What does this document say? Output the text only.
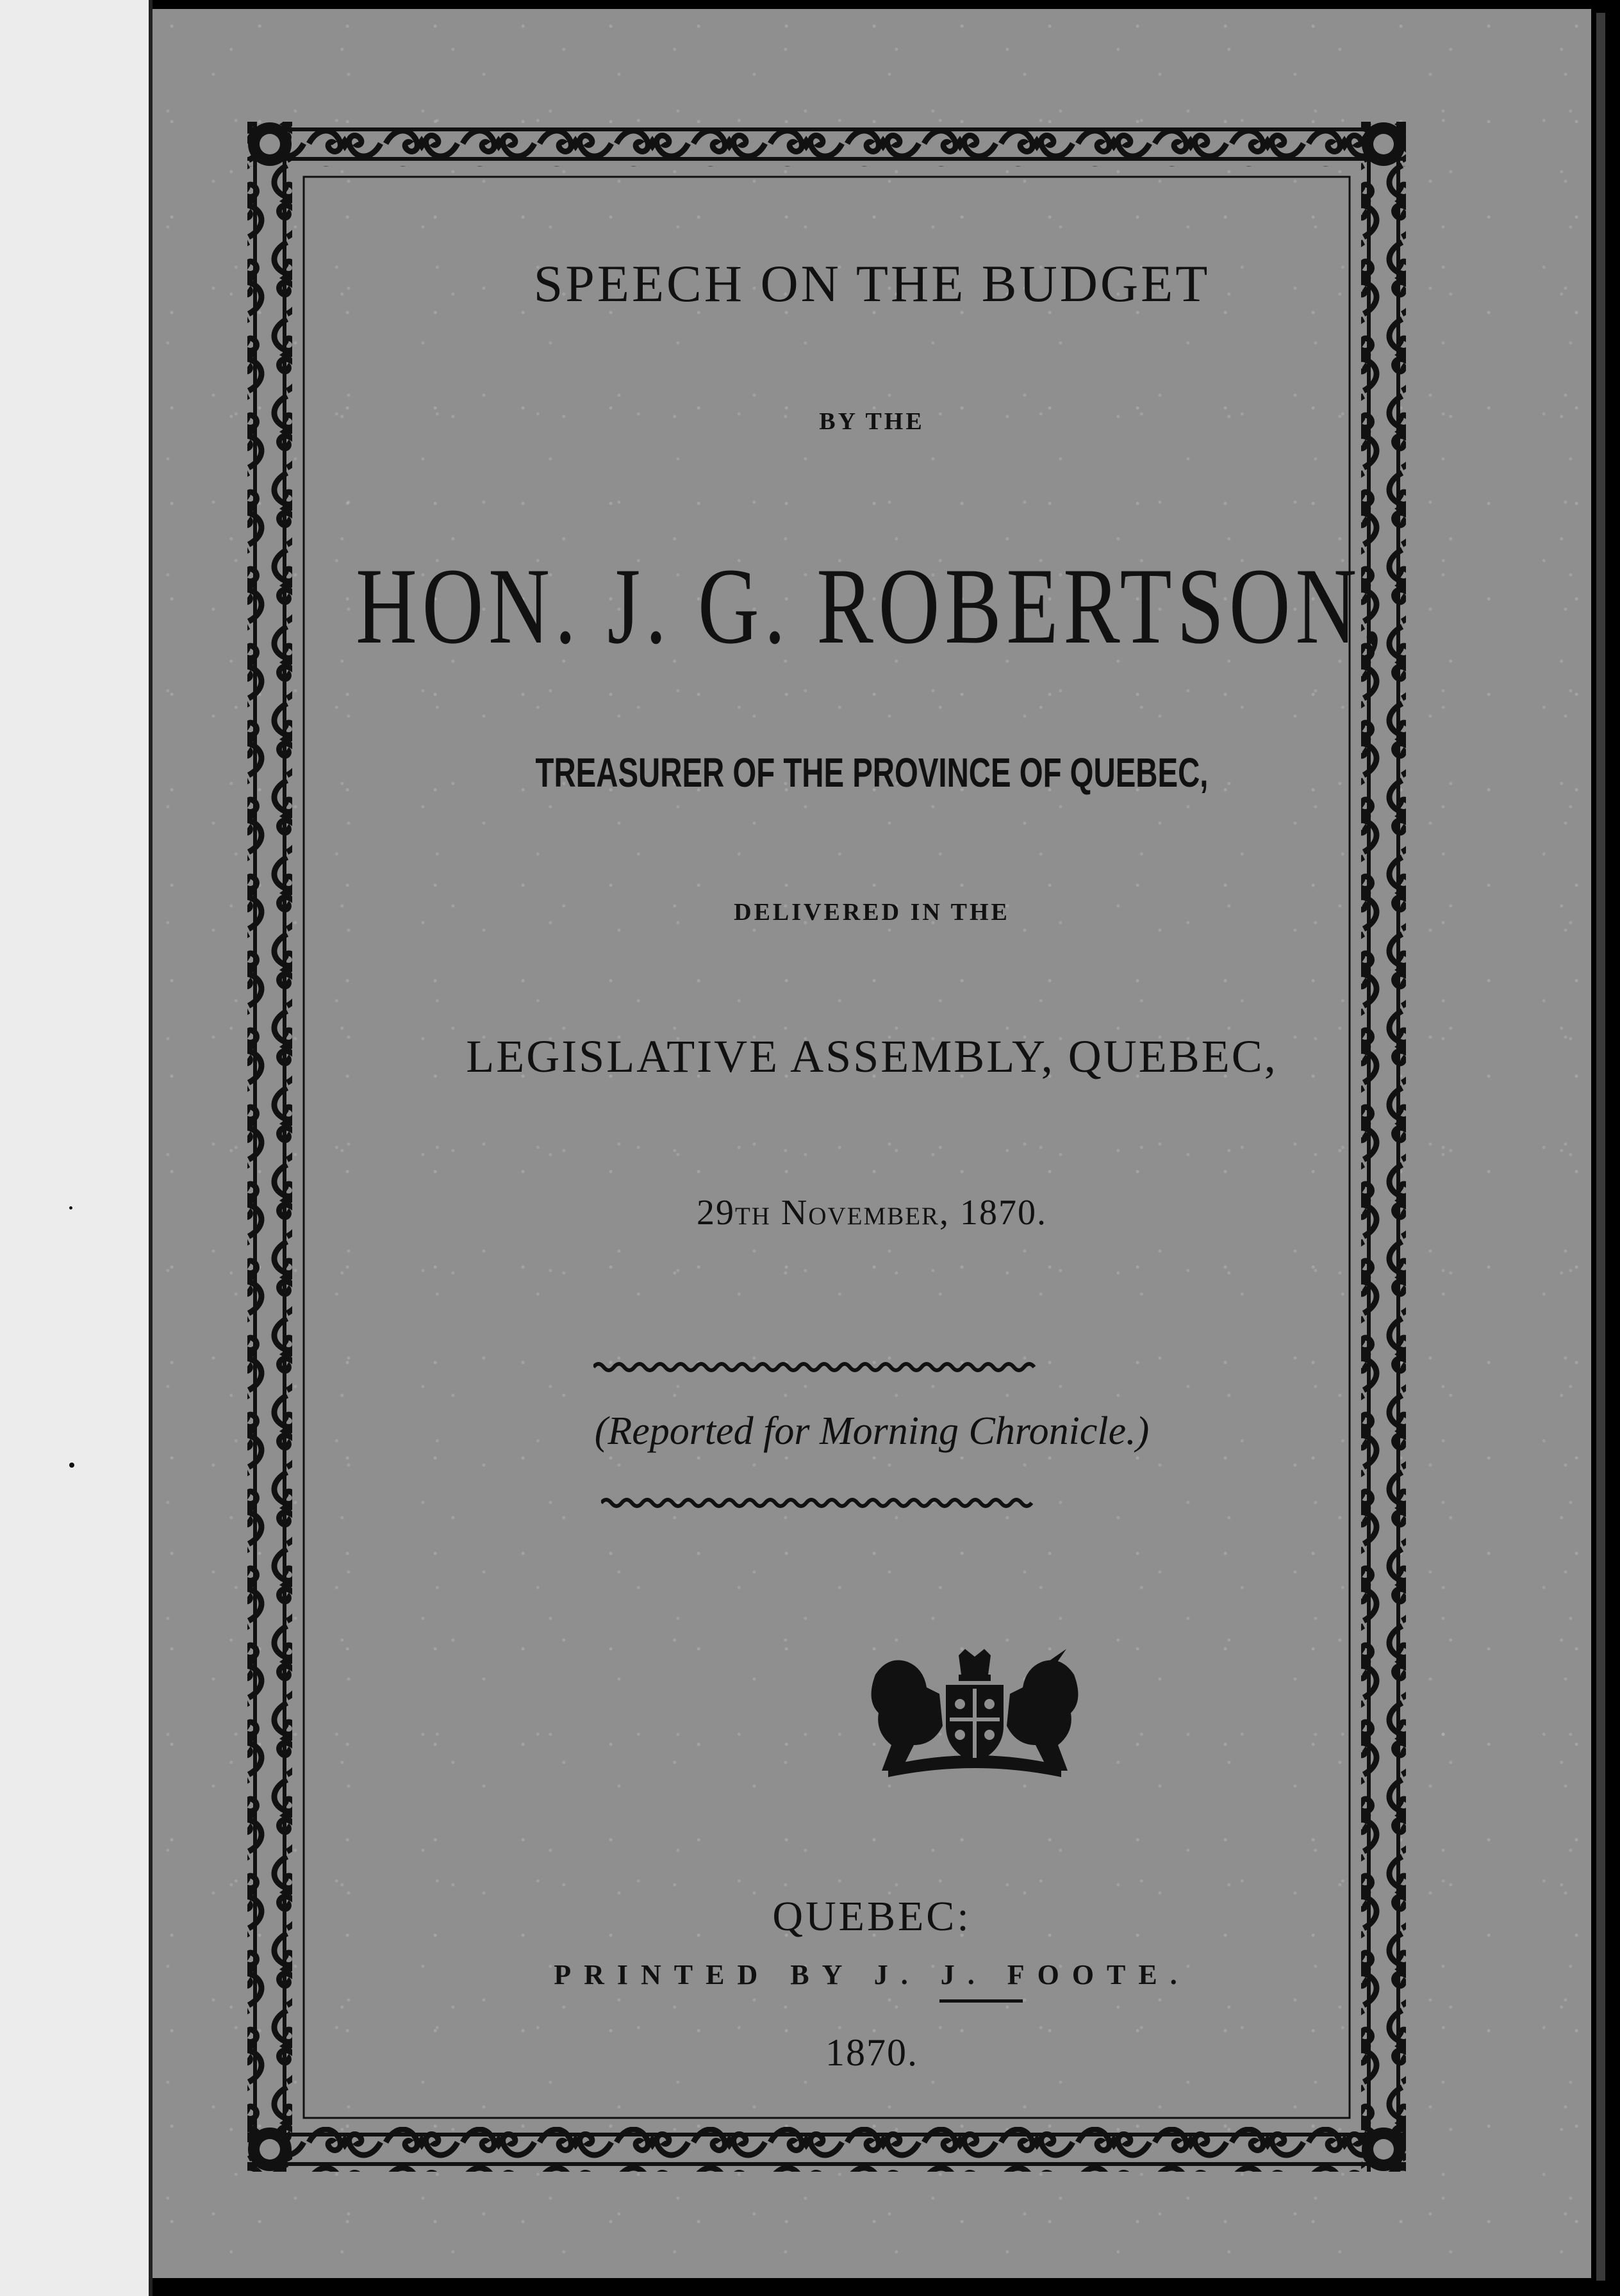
SPEECH ON THE BUDGET
BY THE
HON. J. G. ROBERTSON,
TREASURER OF THE PROVINCE OF QUEBEC,
DELIVERED IN THE
LEGISLATIVE ASSEMBLY, QUEBEC,
29th November, 1870.
(Reported for Morning Chronicle.)
QUEBEC:
PRINTED BY J. J. FOOTE.
1870.
